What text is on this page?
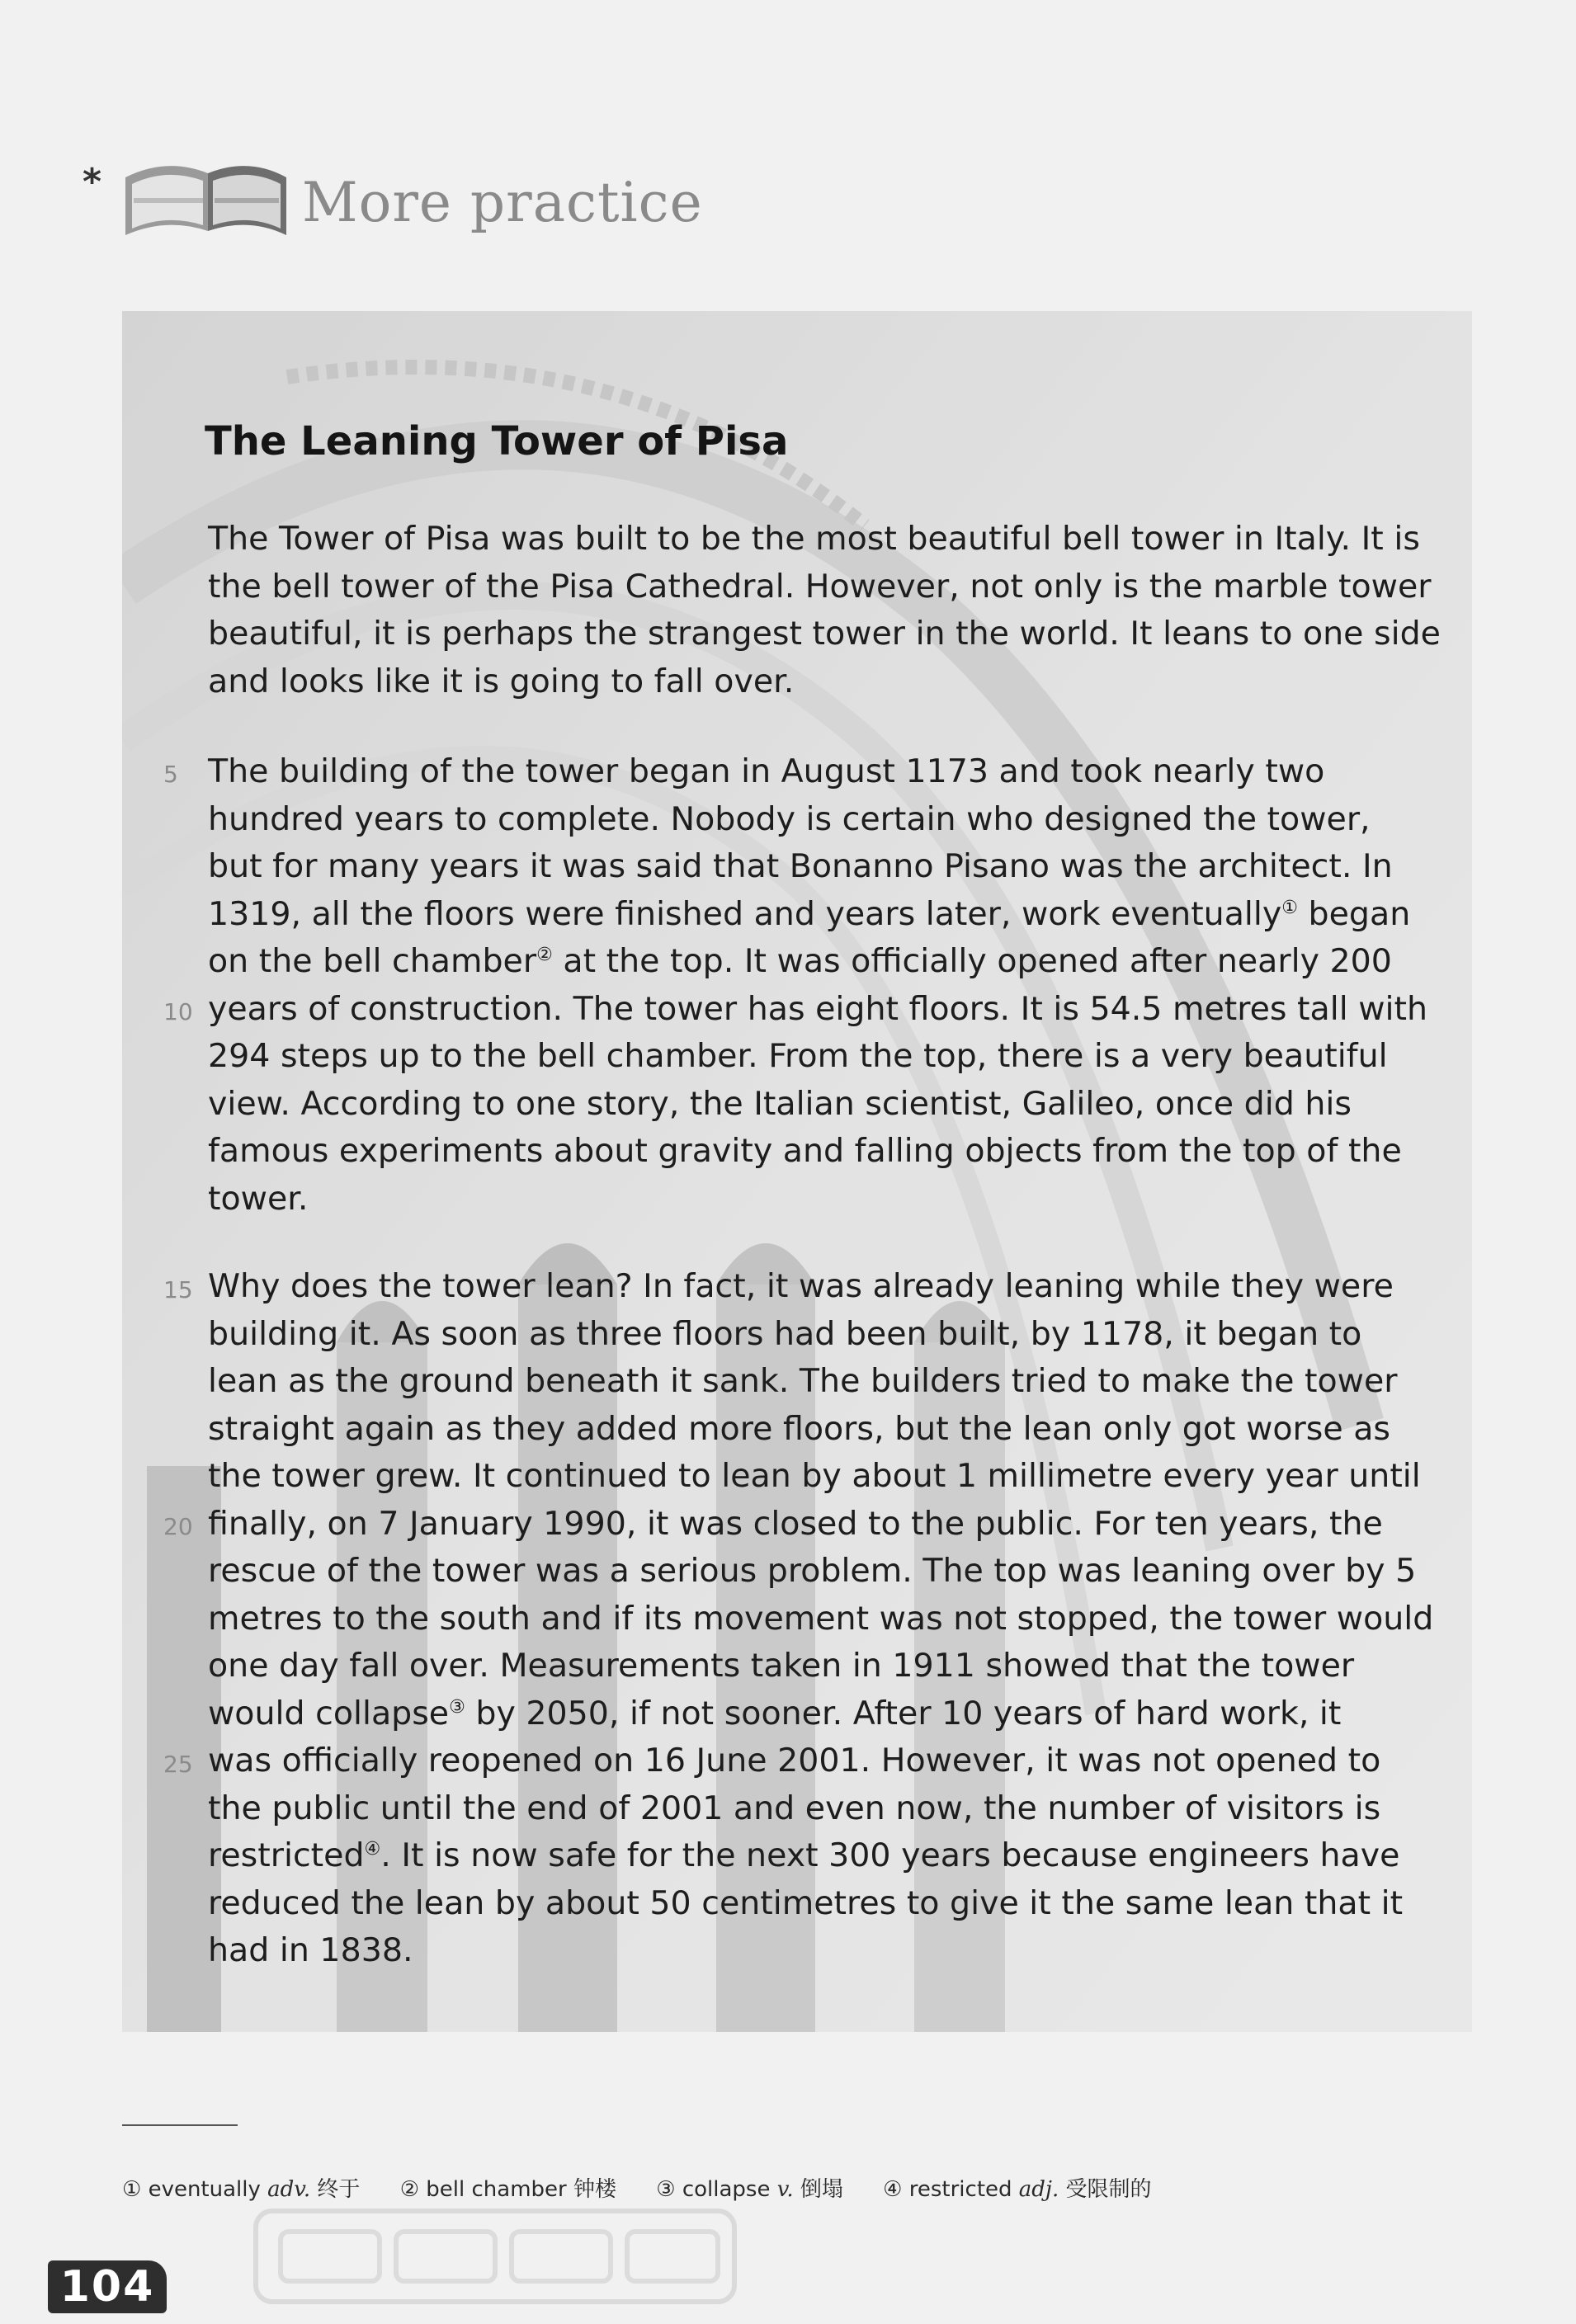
*	More practice
The Leaning Tower of Pisa

The Tower of Pisa was built to be the most beautiful bell tower in Italy. It is
the bell tower of the Pisa Cathedral. However, not only is the marble tower
beautiful, it is perhaps the strangest tower in the world. It leans to one side
and looks like it is going to fall over.

5
10
15
20
25

The building of the tower began in August 1173 and took nearly two
hundred years to complete. Nobody is certain who designed the tower,
but for many years it was said that Bonanno Pisano was the architect. In
1319, all the floors were finished and years later, work eventually① began
on the bell chamber② at the top. It was officially opened after nearly 200
years of construction. The tower has eight floors. It is 54.5 metres tall with
294 steps up to the bell chamber. From the top, there is a very beautiful
view. According to one story, the Italian scientist, Galileo, once did his
famous experiments about gravity and falling objects from the top of the
tower.

Why does the tower lean? In fact, it was already leaning while they were
building it. As soon as three floors had been built, by 1178, it began to
lean as the ground beneath it sank. The builders tried to make the tower
straight again as they added more floors, but the lean only got worse as
the tower grew. It continued to lean by about 1 millimetre every year until
finally, on 7 January 1990, it was closed to the public. For ten years, the
rescue of the tower was a serious problem. The top was leaning over by 5
metres to the south and if its movement was not stopped, the tower would
one day fall over. Measurements taken in 1911 showed that the tower
would collapse③ by 2050, if not sooner. After 10 years of hard work, it
was officially reopened on 16 June 2001. However, it was not opened to
the public until the end of 2001 and even now, the number of visitors is
restricted④. It is now safe for the next 300 years because engineers have
reduced the lean by about 50 centimetres to give it the same lean that it
had in 1838.

① eventually adv. 终于 ② bell chamber 钟楼 ③ collapse v. 倒塌 ④ restricted adj. 受限制的
104
